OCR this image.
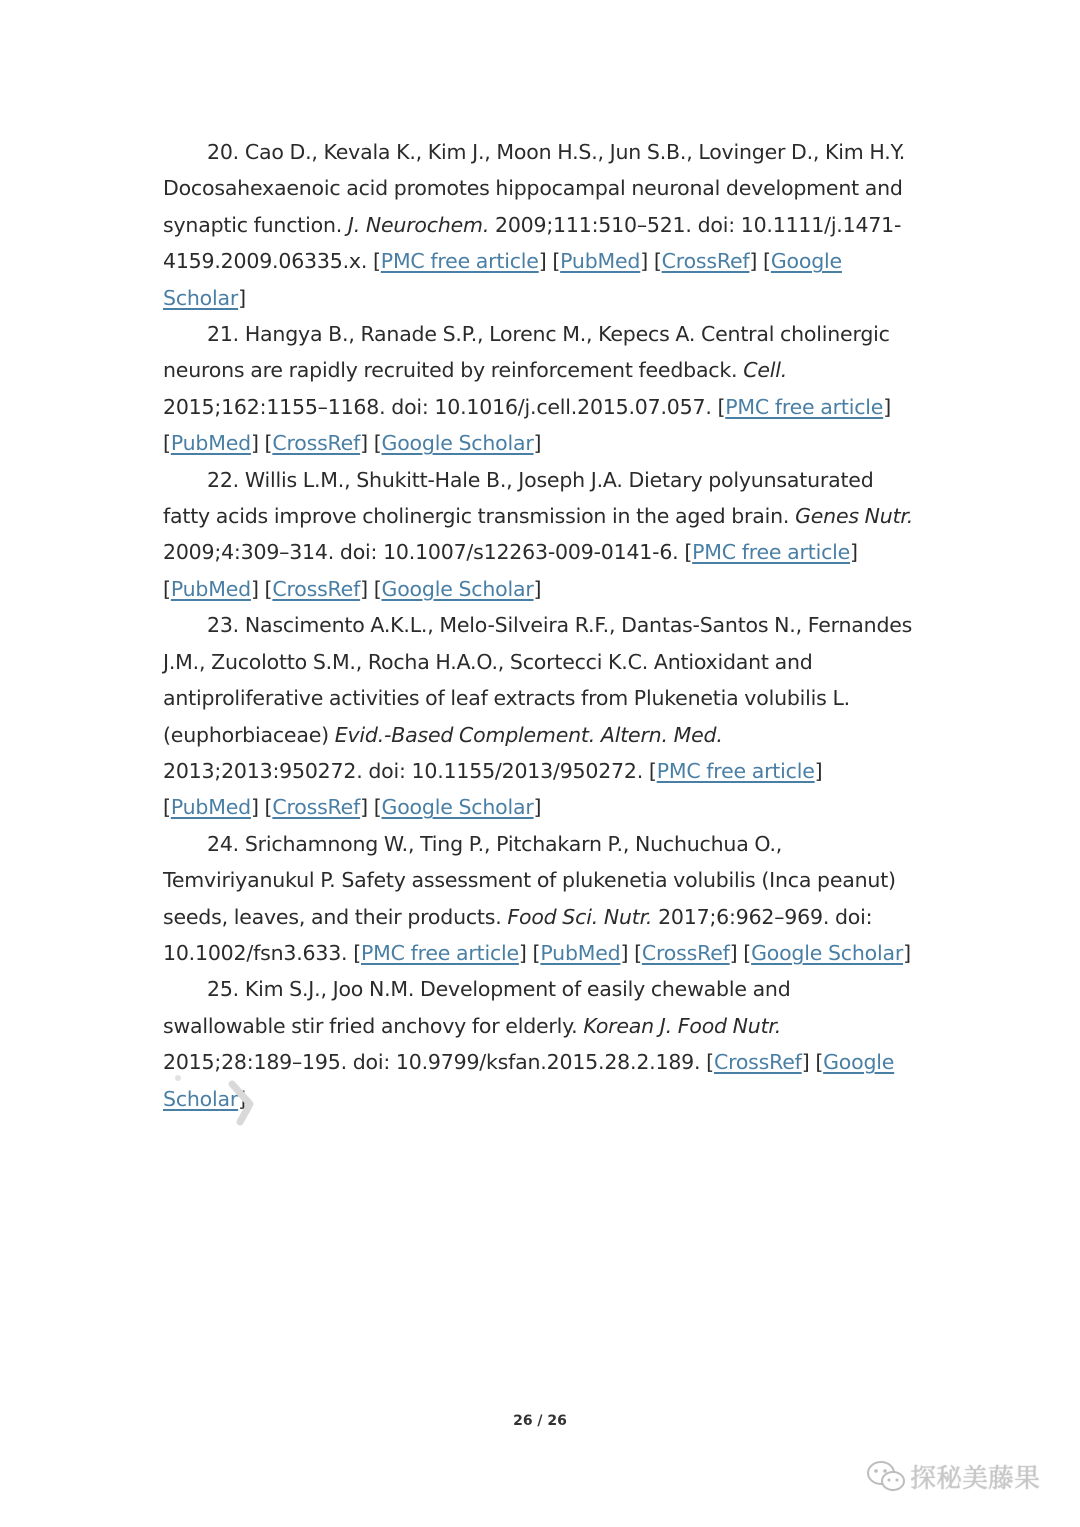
20. Cao D., Kevala K., Kim J., Moon H.S., Jun S.B., Lovinger D., Kim H.Y. Docosahexaenoic acid promotes hippocampal neuronal development and synaptic function. J. Neurochem. 2009;111:510–521. doi: 10.1111/j.1471-4159.2009.06335.x. [PMC free article] [PubMed] [CrossRef] [Google Scholar]

21. Hangya B., Ranade S.P., Lorenc M., Kepecs A. Central cholinergic neurons are rapidly recruited by reinforcement feedback. Cell. 2015;162:1155–1168. doi: 10.1016/j.cell.2015.07.057. [PMC free article] [PubMed] [CrossRef] [Google Scholar]

22. Willis L.M., Shukitt-Hale B., Joseph J.A. Dietary polyunsaturated fatty acids improve cholinergic transmission in the aged brain. Genes Nutr. 2009;4:309–314. doi: 10.1007/s12263-009-0141-6. [PMC free article] [PubMed] [CrossRef] [Google Scholar]

23. Nascimento A.K.L., Melo-Silveira R.F., Dantas-Santos N., Fernandes J.M., Zucolotto S.M., Rocha H.A.O., Scortecci K.C. Antioxidant and antiproliferative activities of leaf extracts from Plukenetia volubilis L. (euphorbiaceae) Evid.-Based Complement. Altern. Med. 2013;2013:950272. doi: 10.1155/2013/950272. [PMC free article] [PubMed] [CrossRef] [Google Scholar]

24. Srichamnong W., Ting P., Pitchakarn P., Nuchuchua O., Temviriyanukul P. Safety assessment of plukenetia volubilis (Inca peanut) seeds, leaves, and their products. Food Sci. Nutr. 2017;6:962–969. doi: 10.1002/fsn3.633. [PMC free article] [PubMed] [CrossRef] [Google Scholar]

25. Kim S.J., Joo N.M. Development of easily chewable and swallowable stir fried anchovy for elderly. Korean J. Food Nutr. 2015;28:189–195. doi: 10.9799/ksfan.2015.28.2.189. [CrossRef] [Google Scholar]

26 / 26
探秘美藤果
